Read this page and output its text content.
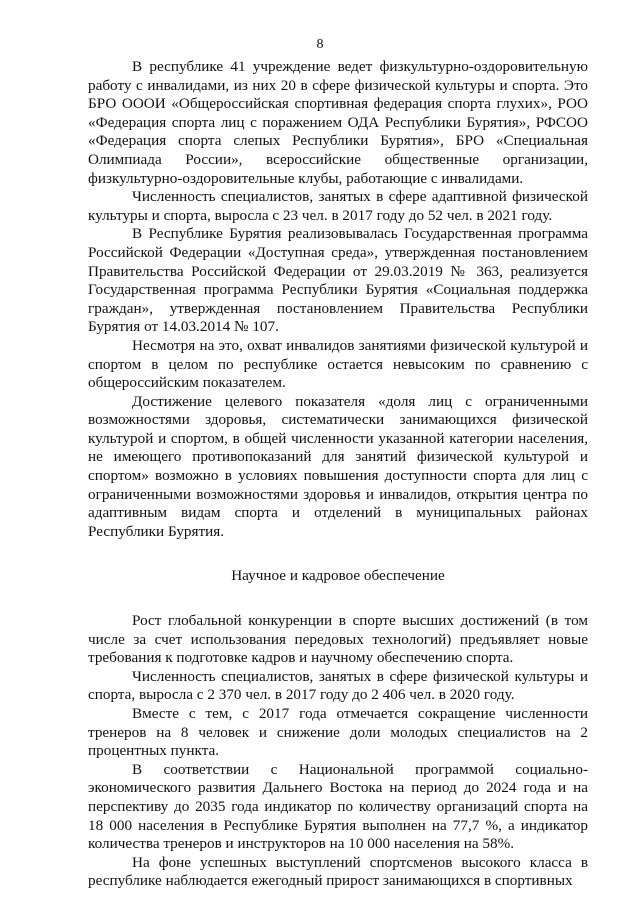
8

В республике 41 учреждение ведет физкультурно-оздоровительную работу с инвалидами, из них 20 в сфере физической культуры и спорта. Это БРО ОООИ «Общероссийская спортивная федерация спорта глухих», РОО «Федерация спорта лиц с поражением ОДА Республики Бурятия», РФСОО «Федерация спорта слепых Республики Бурятия», БРО «Специальная Олимпиада России», всероссийские общественные организации, физкультурно-оздоровительные клубы, работающие с инвалидами.

Численность специалистов, занятых в сфере адаптивной физической культуры и спорта, выросла с 23 чел. в 2017 году до 52 чел. в 2021 году.

В Республике Бурятия реализовывалась Государственная программа Российской Федерации «Доступная среда», утвержденная постановлением Правительства Российской Федерации от 29.03.2019 № 363, реализуется Государственная программа Республики Бурятия «Социальная поддержка граждан», утвержденная постановлением Правительства Республики Бурятия от 14.03.2014 № 107.

Несмотря на это, охват инвалидов занятиями физической культурой и спортом в целом по республике остается невысоким по сравнению с общероссийским показателем.

Достижение целевого показателя «доля лиц с ограниченными возможностями здоровья, систематически занимающихся физической культурой и спортом, в общей численности указанной категории населения, не имеющего противопоказаний для занятий физической культурой и спортом» возможно в условиях повышения доступности спорта для лиц с ограниченными возможностями здоровья и инвалидов, открытия центра по адаптивным видам спорта и отделений в муниципальных районах Республики Бурятия.

Научное и кадровое обеспечение

Рост глобальной конкуренции в спорте высших достижений (в том числе за счет использования передовых технологий) предъявляет новые требования к подготовке кадров и научному обеспечению спорта.

Численность специалистов, занятых в сфере физической культуры и спорта, выросла с 2 370 чел. в 2017 году до 2 406 чел. в 2020 году.

Вместе с тем, с 2017 года отмечается сокращение численности тренеров на 8 человек и снижение доли молодых специалистов на 2 процентных пункта.

В соответствии с Национальной программой социально-экономического развития Дальнего Востока на период до 2024 года и на перспективу до 2035 года индикатор по количеству организаций спорта на 18 000 населения в Республике Бурятия выполнен на 77,7 %, а индикатор количества тренеров и инструкторов на 10 000 населения на 58%.

На фоне успешных выступлений спортсменов высокого класса в республике наблюдается ежегодный прирост занимающихся в спортивных
